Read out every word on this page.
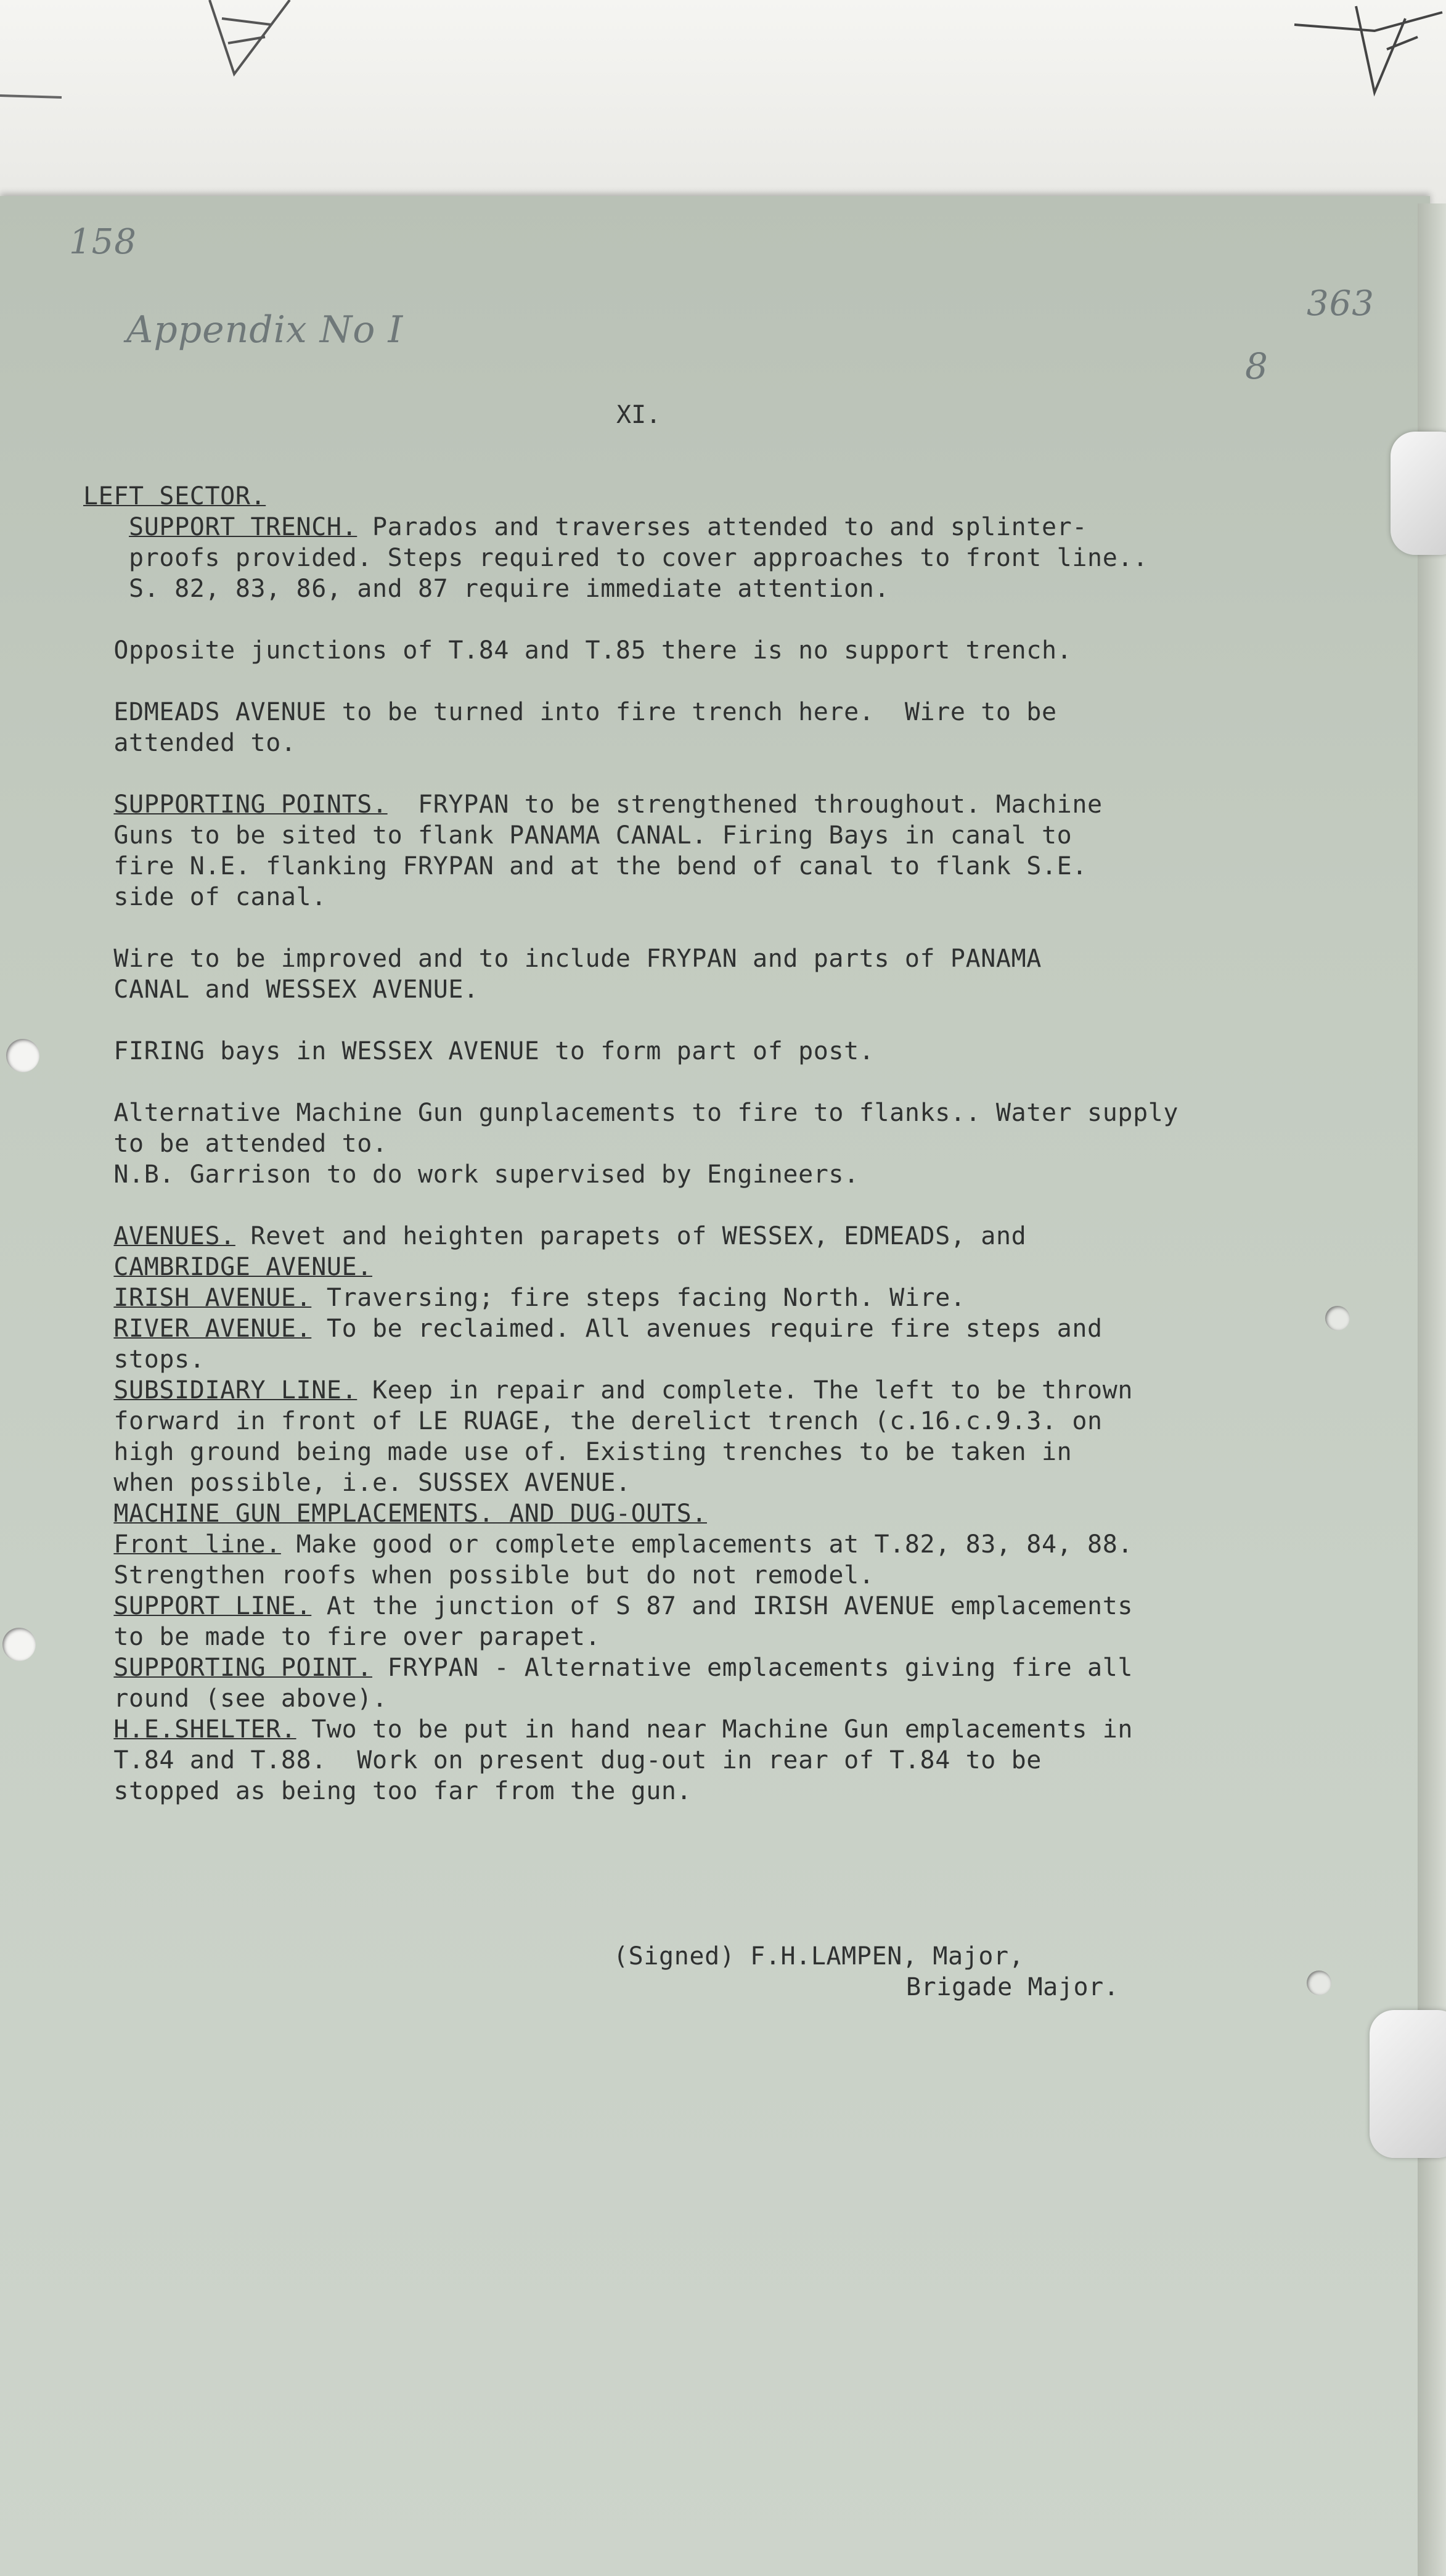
158
363
Appendix No I
8
XI.
LEFT SECTOR.
SUPPORT TRENCH. Parados and traverses attended to and splinter-
proofs provided. Steps required to cover approaches to front line..
S. 82, 83, 86, and 87 require immediate attention.

Opposite junctions of T.84 and T.85 there is no support trench.

EDMEADS AVENUE to be turned into fire trench here.  Wire to be
attended to.

SUPPORTING POINTS.  FRYPAN to be strengthened throughout. Machine
Guns to be sited to flank PANAMA CANAL. Firing Bays in canal to
fire N.E. flanking FRYPAN and at the bend of canal to flank S.E.
side of canal.

Wire to be improved and to include FRYPAN and parts of PANAMA
CANAL and WESSEX AVENUE.

FIRING bays in WESSEX AVENUE to form part of post.

Alternative Machine Gun gunplacements to fire to flanks.. Water supply
to be attended to.
N.B. Garrison to do work supervised by Engineers.

AVENUES. Revet and heighten parapets of WESSEX, EDMEADS, and
CAMBRIDGE AVENUE.
IRISH AVENUE. Traversing; fire steps facing North. Wire.
RIVER AVENUE. To be reclaimed. All avenues require fire steps and
stops.
SUBSIDIARY LINE. Keep in repair and complete. The left to be thrown
forward in front of LE RUAGE, the derelict trench (c.16.c.9.3. on
high ground being made use of. Existing trenches to be taken in
when possible, i.e. SUSSEX AVENUE.
MACHINE GUN EMPLACEMENTS. AND DUG-OUTS.
Front line. Make good or complete emplacements at T.82, 83, 84, 88.
Strengthen roofs when possible but do not remodel.
SUPPORT LINE. At the junction of S 87 and IRISH AVENUE emplacements
to be made to fire over parapet.
SUPPORTING POINT. FRYPAN - Alternative emplacements giving fire all
round (see above).
H.E.SHELTER. Two to be put in hand near Machine Gun emplacements in
T.84 and T.88.  Work on present dug-out in rear of T.84 to be
stopped as being too far from the gun.
(Signed) F.H.LAMPEN, Major,
Brigade Major.
